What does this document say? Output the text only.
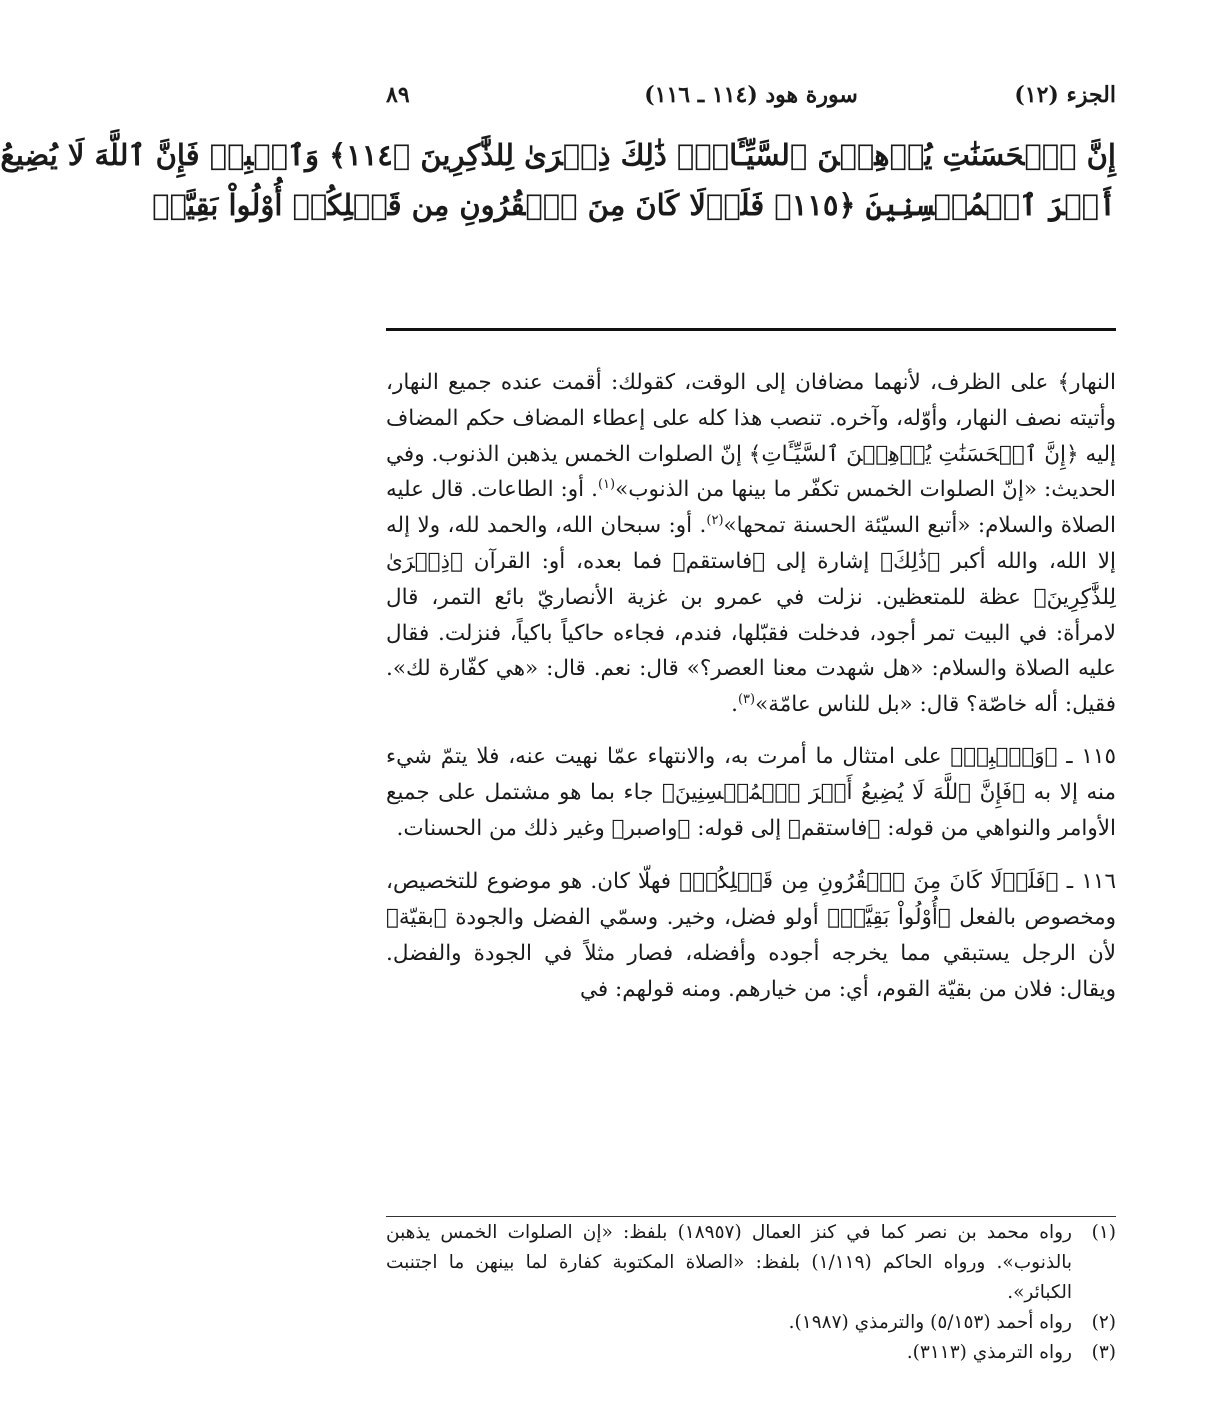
الجزء (١٢)
سورة هود (١١٤ ـ ١١٦)
٨٩
إِنَّ ٱلۡحَسَنَٰتِ يُذۡهِبۡنَ ٱلسَّيِّـَٔاتِۚ ذَٰلِكَ ذِكۡرَىٰ لِلذَّٰكِرِينَ ﴿١١٤﴾ وَٱصۡبِرۡ فَإِنَّ ٱللَّهَ لَا يُضِيعُ
أَجۡرَ ٱلۡمُحۡسِنِينَ ﴿١١٥﴾ فَلَوۡلَا كَانَ مِنَ ٱلۡقُرُونِ مِن قَبۡلِكُمۡ أُوْلُواْ بَقِيَّةٖ

النهار﴾ على الظرف، لأنهما مضافان إلى الوقت، كقولك: أقمت عنده جميع النهار، وأتيته نصف النهار، وأوّله، وآخره. تنصب هذا كله على إعطاء المضاف حكم المضاف إليه ﴿إِنَّ ٱلۡحَسَنَٰتِ يُذۡهِبۡنَ ٱلسَّيِّـَٔاتِ﴾ إنّ الصلوات الخمس يذهبن الذنوب. وفي الحديث: «إنّ الصلوات الخمس تكفّر ما بينها من الذنوب»$^{(١)}$. أو: الطاعات. قال عليه الصلاة والسلام: «أتبع السيّئة الحسنة تمحها»$^{(٢)}$. أو: سبحان الله، والحمد لله، ولا إله إلا الله، والله أكبر ﴿ذَٰلِكَ﴾ إشارة إلى ﴿فاستقم﴾ فما بعده، أو: القرآن ﴿ذِكۡرَىٰ لِلذَّٰكِرِينَ﴾ عظة للمتعظين. نزلت في عمرو بن غزية الأنصاريّ بائع التمر، قال لامرأة: في البيت تمر أجود، فدخلت فقبّلها، فندم، فجاءه حاكياً باكياً، فنزلت. فقال عليه الصلاة والسلام: «هل شهدت معنا العصر؟» قال: نعم. قال: «هي كفّارة لك». فقيل: أله خاصّة؟ قال: «بل للناس عامّة»$^{(٣)}$.

١١٥ ـ ﴿وَٱصۡبِرۡ﴾ على امتثال ما أمرت به، والانتهاء عمّا نهيت عنه، فلا يتمّ شيء منه إلا به ﴿فَإِنَّ ٱللَّهَ لَا يُضِيعُ أَجۡرَ ٱلۡمُحۡسِنِينَ﴾ جاء بما هو مشتمل على جميع الأوامر والنواهي من قوله: ﴿فاستقم﴾ إلى قوله: ﴿واصبر﴾ وغير ذلك من الحسنات.

١١٦ ـ ﴿فَلَوۡلَا كَانَ مِنَ ٱلۡقُرُونِ مِن قَبۡلِكُمۡ﴾ فهلّا كان. هو موضوع للتخصيص، ومخصوص بالفعل ﴿أُوْلُواْ بَقِيَّةٖ﴾ أولو فضل، وخير. وسمّي الفضل والجودة ﴿بقيّة﴾ لأن الرجل يستبقي مما يخرجه أجوده وأفضله، فصار مثلاً في الجودة والفضل. ويقال: فلان من بقيّة القوم، أي: من خيارهم. ومنه قولهم: في

(١)
رواه محمد بن نصر كما في كنز العمال (١٨٩٥٧) بلفظ: «إن الصلوات الخمس يذهبن بالذنوب». ورواه الحاكم (١/١١٩) بلفظ: «الصلاة المكتوبة كفارة لما بينهن ما اجتنبت الكبائر».
(٢)
رواه أحمد (٥/١٥٣) والترمذي (١٩٨٧).
(٣)
رواه الترمذي (٣١١٣).
